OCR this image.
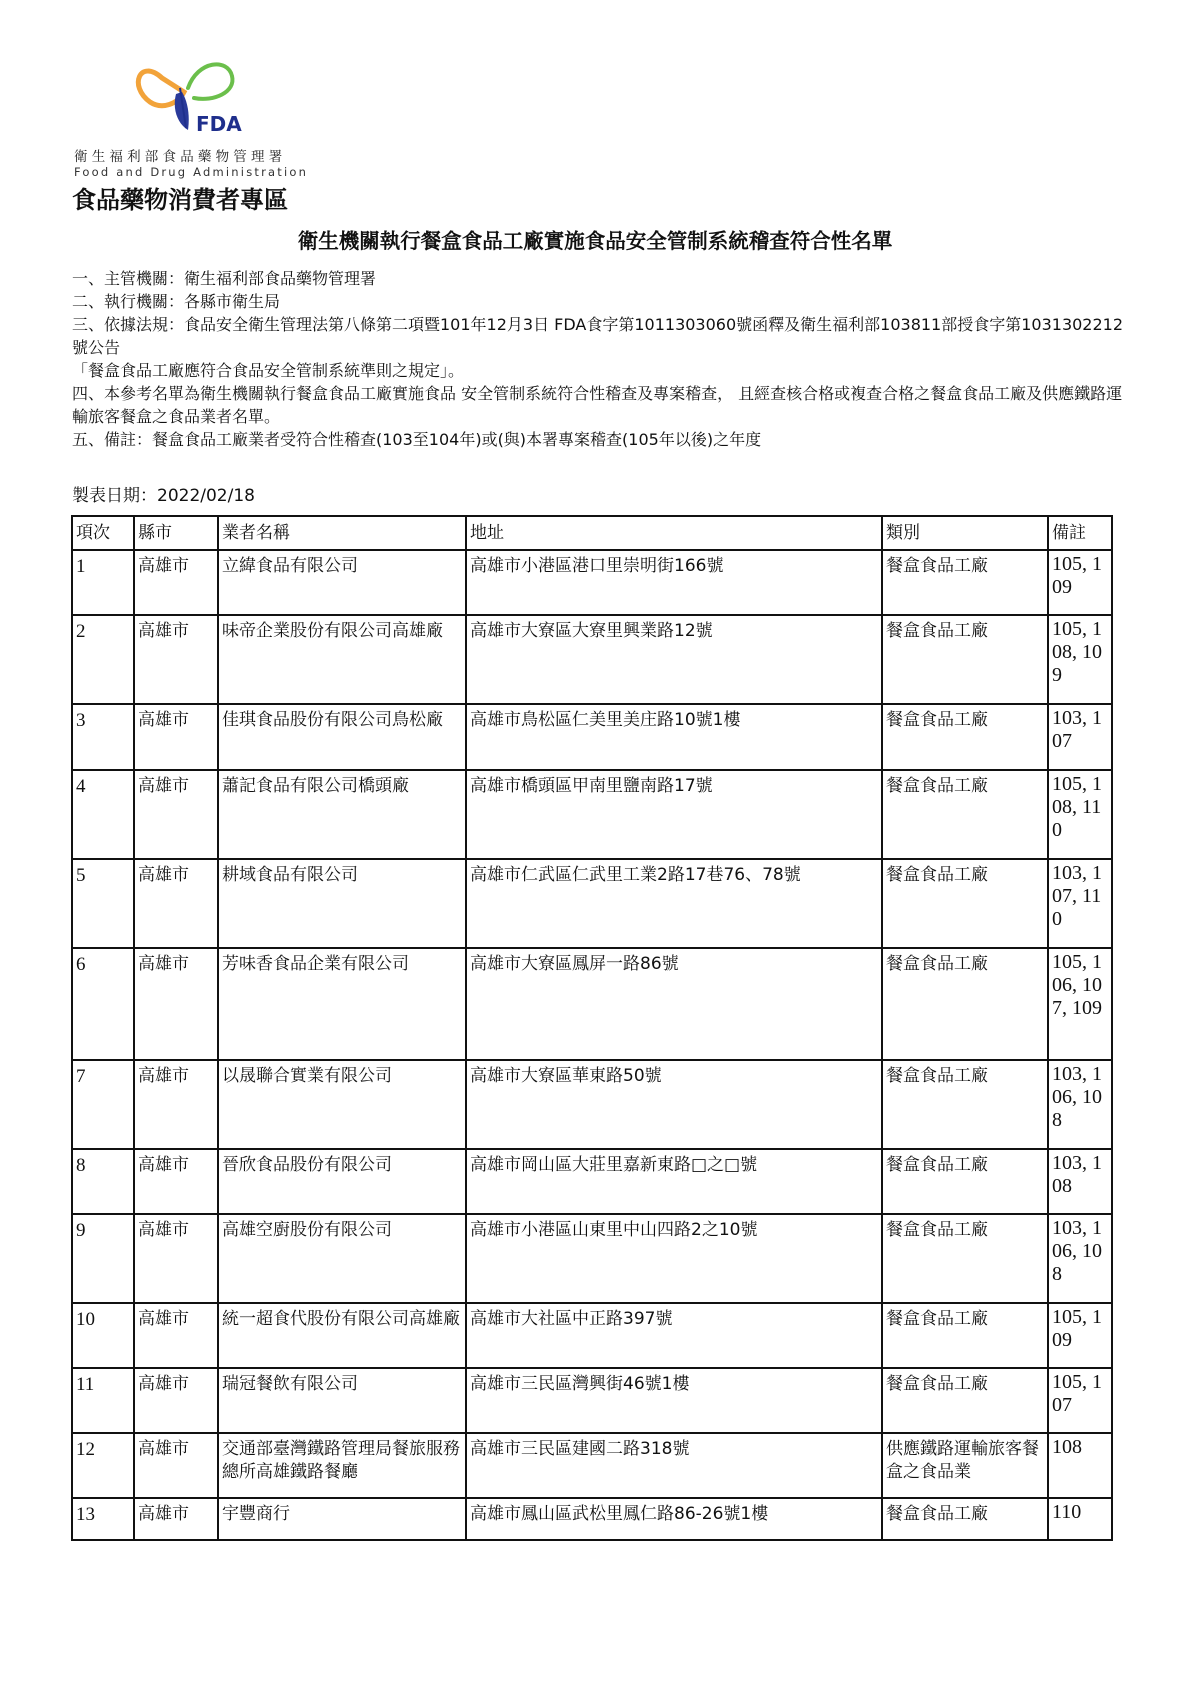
FDA
衛生福利部食品藥物管理署
Food and Drug Administration
食品藥物消費者專區
衛生機關執行餐盒食品工廠實施食品安全管制系統稽查符合性名單

一、主管機關：衛生福利部食品藥物管理署

二、執行機關：各縣市衛生局

三、依據法規：食品安全衛生管理法第八條第二項暨101年12月3日 FDA食字第1011303060號函釋及衛生福利部103811部授食字第1031302212號公告

「餐盒食品工廠應符合食品安全管制系統準則之規定」。

四、本參考名單為衛生機關執行餐盒食品工廠實施食品 安全管制系統符合性稽查及專案稽查， 且經查核合格或複查合格之餐盒食品工廠及供應鐵路運輸旅客餐盒之食品業者名單。

五、備註：餐盒食品工廠業者受符合性稽查(103至104年)或(與)本署專案稽查(105年以後)之年度

製表日期：2022/02/18
項次	縣市	業者名稱	地址	類別	備註
1	高雄市	立緯食品有限公司	高雄市小港區港口里崇明街166號	餐盒食品工廠	105, 109
2	高雄市	味帝企業股份有限公司高雄廠	高雄市大寮區大寮里興業路12號	餐盒食品工廠	105, 108, 109
3	高雄市	佳琪食品股份有限公司鳥松廠	高雄市鳥松區仁美里美庄路10號1樓	餐盒食品工廠	103, 107
4	高雄市	蕭記食品有限公司橋頭廠	高雄市橋頭區甲南里鹽南路17號	餐盒食品工廠	105, 108, 110
5	高雄市	耕域食品有限公司	高雄市仁武區仁武里工業2路17巷76、78號	餐盒食品工廠	103, 107, 110
6	高雄市	芳味香食品企業有限公司	高雄市大寮區鳳屏一路86號	餐盒食品工廠	105, 106, 107, 109
7	高雄市	以晟聯合實業有限公司	高雄市大寮區華東路50號	餐盒食品工廠	103, 106, 108
8	高雄市	晉欣食品股份有限公司	高雄市岡山區大莊里嘉新東路□之□號	餐盒食品工廠	103, 108
9	高雄市	高雄空廚股份有限公司	高雄市小港區山東里中山四路2之10號	餐盒食品工廠	103, 106, 108
10	高雄市	統一超食代股份有限公司高雄廠	高雄市大社區中正路397號	餐盒食品工廠	105, 109
11	高雄市	瑞冠餐飲有限公司	高雄市三民區灣興街46號1樓	餐盒食品工廠	105, 107
12	高雄市	交通部臺灣鐵路管理局餐旅服務總所高雄鐵路餐廳	高雄市三民區建國二路318號	供應鐵路運輸旅客餐盒之食品業	108
13	高雄市	宇豐商行	高雄市鳳山區武松里鳳仁路86-26號1樓	餐盒食品工廠	110
